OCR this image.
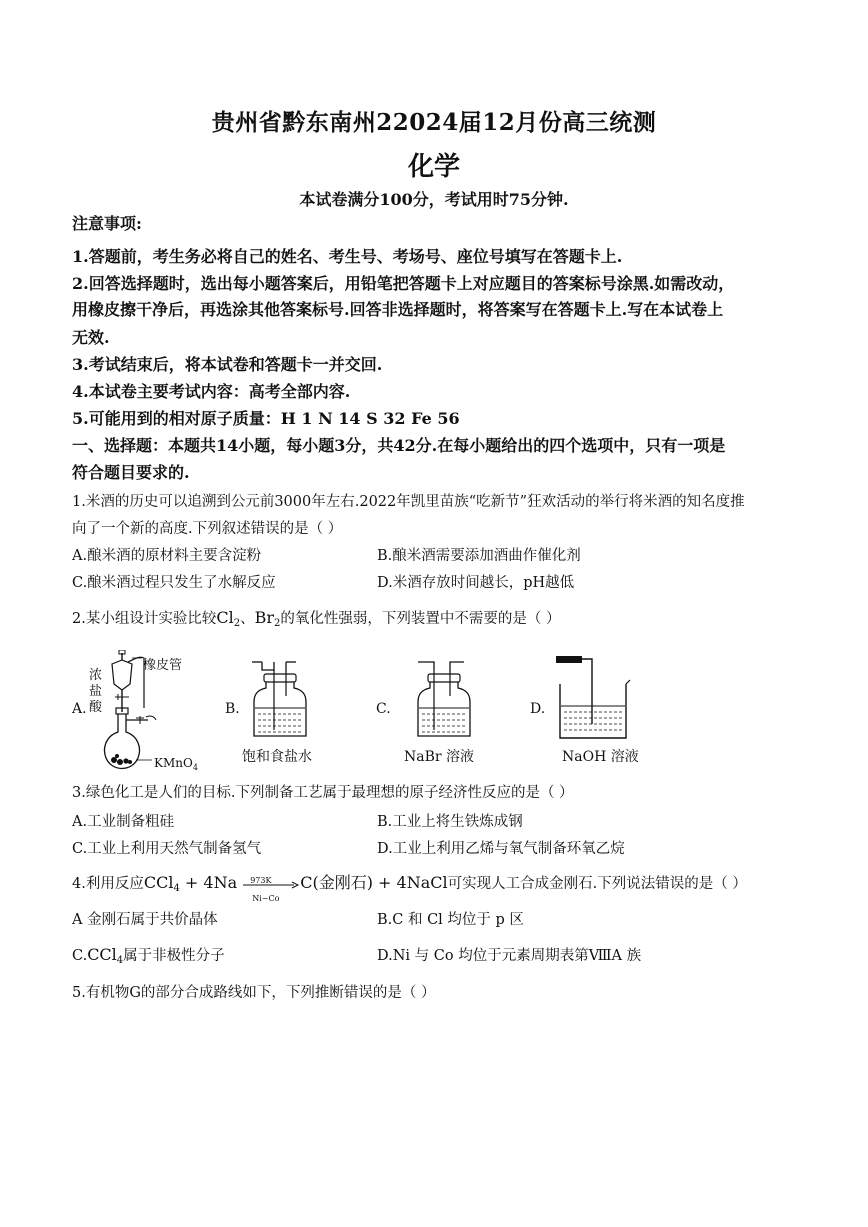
贵州省黔东南州22024届12月份高三统测
化学
本试卷满分100分，考试用时75分钟.
注意事项:
1.答题前，考生务必将自己的姓名、考生号、考场号、座位号填写在答题卡上.
2.回答选择题时，选出每小题答案后，用铅笔把答题卡上对应题目的答案标号涂黑.如需改动，
用橡皮擦干净后，再选涂其他答案标号.回答非选择题时，将答案写在答题卡上.写在本试卷上
无效.
3.考试结束后，将本试卷和答题卡一并交回.
4.本试卷主要考试内容：高考全部内容.
5.可能用到的相对原子质量：H 1 N 14 S 32 Fe 56
一、选择题：本题共14小题，每小题3分，共42分.在每小题给出的四个选项中，只有一项是
符合题目要求的.
1.米酒的历史可以追溯到公元前3000年左右.2022年凯里苗族“吃新节”狂欢活动的举行将米酒的知名度推
向了一个新的高度.下列叙述错误的是（ ）
A.酿米酒的原材料主要含淀粉	B.酿米酒需要添加酒曲作催化剂
C.酿米酒过程只发生了水解反应	D.米酒存放时间越长，pH越低
2.某小组设计实验比较$Cl_2$、$Br_2$的氧化性强弱，下列装置中不需要的是（ ）
A.
浓
盐
酸
橡皮管
KMnO$_4$
B.
饱和食盐水
C.
NaBr 溶液
D.
NaOH 溶液
3.绿色化工是人们的目标.下列制备工艺属于最理想的原子经济性反应的是（ ）
A.工业制备粗硅	B.工业上将生铁炼成钢
C.工业上利用天然气制备氢气	D.工业上利用乙烯与氧气制备环氧乙烷
4.利用反应CCl$_4$ + 4Na 973K
Ni−Co
C(金刚石) + 4NaCl可实现人工合成金刚石.下列说法错误的是（ ）
A 金刚石属于共价晶体	B.C 和 Cl 均位于 p 区
C.CCl$_4$属于非极性分子	D.Ni 与 Co 均位于元素周期表第ⅧA 族
5.有机物G的部分合成路线如下，下列推断错误的是（ ）
